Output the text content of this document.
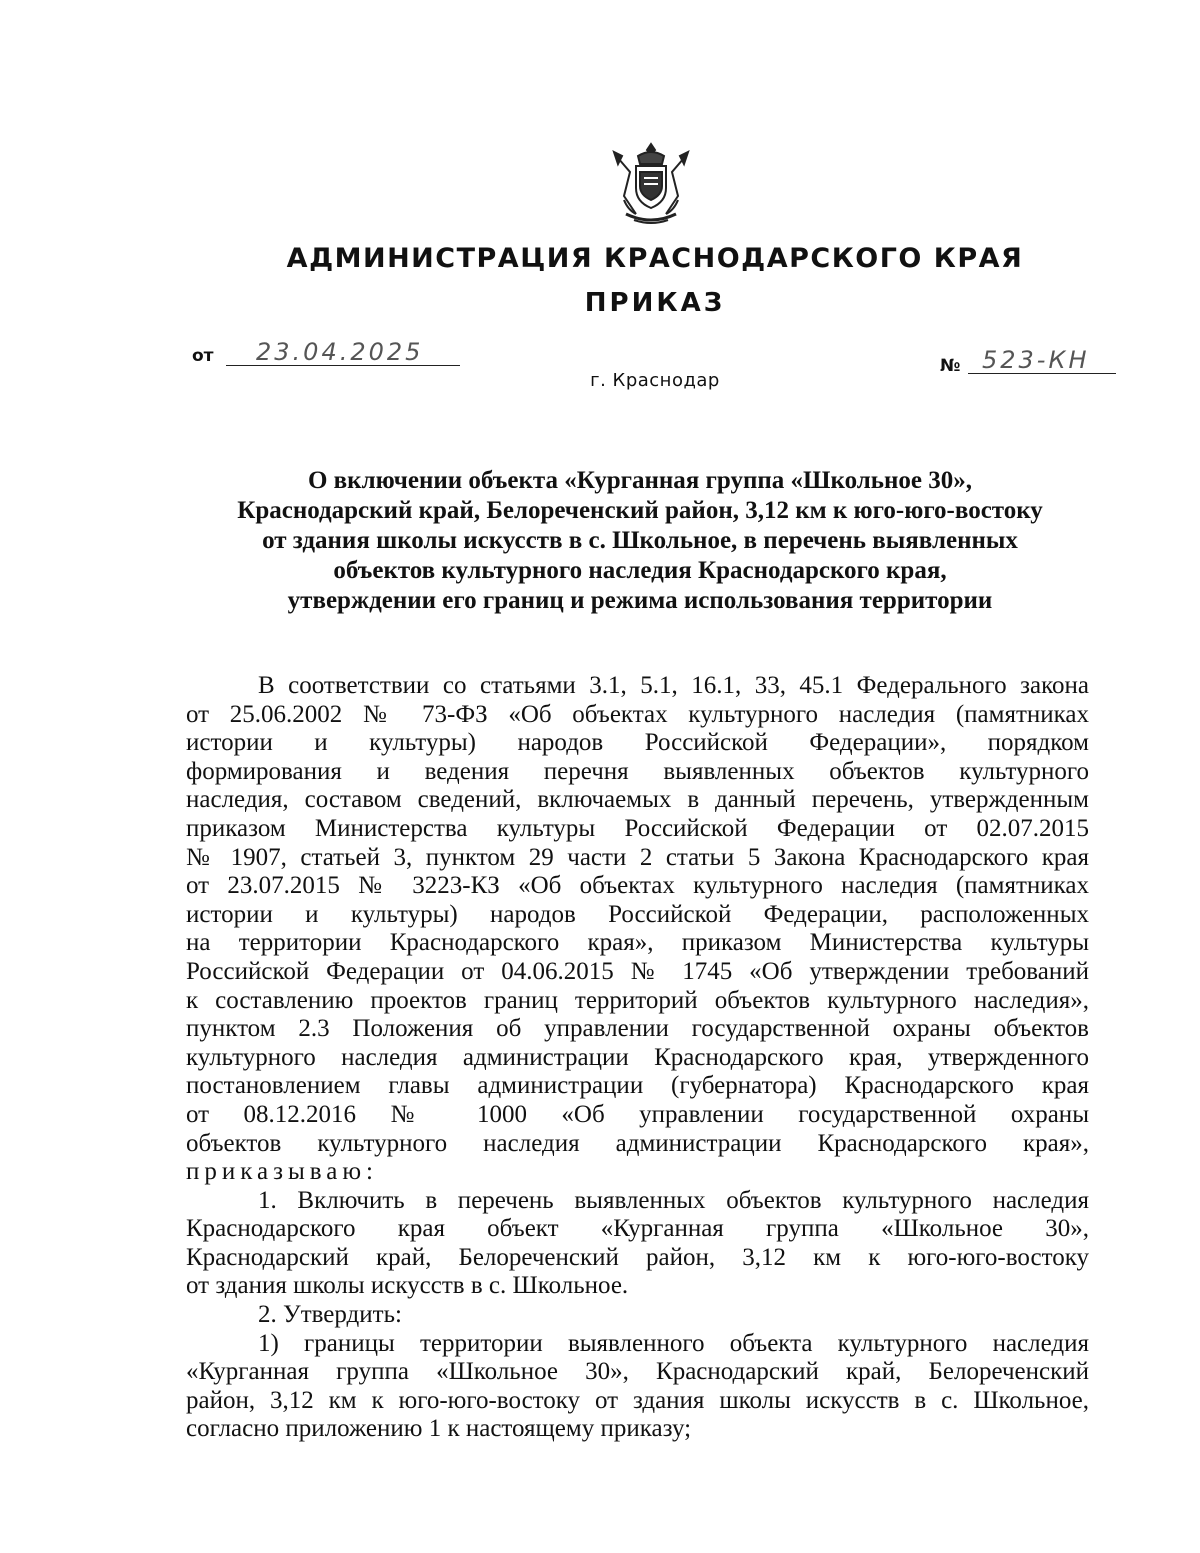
АДМИНИСТРАЦИЯ КРАСНОДАРСКОГО КРАЯ
ПРИКАЗ
от	23.04.2025	№ 523-КН
г. Краснодар
О включении объекта «Курганная группа «Школьное 30»,
Краснодарский край, Белореченский район, 3,12 км к юго-юго-востоку
от здания школы искусств в с. Школьное, в перечень выявленных
объектов культурного наследия Краснодарского края,
утверждении его границ и режима использования территории
В соответствии со статьями 3.1, 5.1, 16.1, 33, 45.1 Федерального закона
от 25.06.2002 № 73-ФЗ «Об объектах культурного наследия (памятниках
истории и культуры) народов Российской Федерации», порядком
формирования и ведения перечня выявленных объектов культурного
наследия, составом сведений, включаемых в данный перечень, утвержденным
приказом Министерства культуры Российской Федерации от 02.07.2015
№ 1907, статьей 3, пунктом 29 части 2 статьи 5 Закона Краснодарского края
от 23.07.2015 № 3223-КЗ «Об объектах культурного наследия (памятниках
истории и культуры) народов Российской Федерации, расположенных
на территории Краснодарского края», приказом Министерства культуры
Российской Федерации от 04.06.2015 № 1745 «Об утверждении требований
к составлению проектов границ территорий объектов культурного наследия»,
пунктом 2.3 Положения об управлении государственной охраны объектов
культурного наследия администрации Краснодарского края, утвержденного
постановлением главы администрации (губернатора) Краснодарского края
от 08.12.2016 № 1000 «Об управлении государственной охраны
объектов культурного наследия администрации Краснодарского края»,
приказываю:
1. Включить в перечень выявленных объектов культурного наследия
Краснодарского края объект «Курганная группа «Школьное 30»,
Краснодарский край, Белореченский район, 3,12 км к юго-юго-востоку
от здания школы искусств в с. Школьное.
2. Утвердить:
1) границы территории выявленного объекта культурного наследия
«Курганная группа «Школьное 30», Краснодарский край, Белореченский
район, 3,12 км к юго-юго-востоку от здания школы искусств в с. Школьное,
согласно приложению 1 к настоящему приказу;
